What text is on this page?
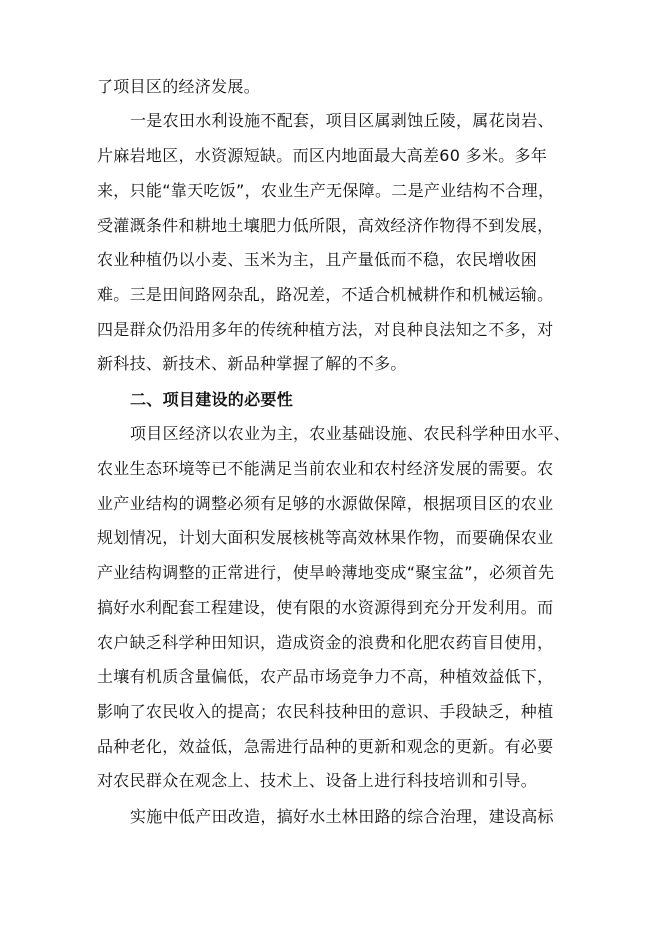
了项目区的经济发展。

一是农田水利设施不配套，项目区属剥蚀丘陵，属花岗岩、

片麻岩地区，水资源短缺。而区内地面最大高差60 多米。多年

来，只能“靠天吃饭”，农业生产无保障。二是产业结构不合理，

受灌溉条件和耕地土壤肥力低所限，高效经济作物得不到发展，

农业种植仍以小麦、玉米为主，且产量低而不稳，农民增收困

难。三是田间路网杂乱，路况差，不适合机械耕作和机械运输。

四是群众仍沿用多年的传统种植方法，对良种良法知之不多，对

新科技、新技术、新品种掌握了解的不多。

二、项目建设的必要性

项目区经济以农业为主，农业基础设施、农民科学种田水平、

农业生态环境等已不能满足当前农业和农村经济发展的需要。农

业产业结构的调整必须有足够的水源做保障，根据项目区的农业

规划情况，计划大面积发展核桃等高效林果作物，而要确保农业

产业结构调整的正常进行，使旱岭薄地变成“聚宝盆”，必须首先

搞好水利配套工程建设，使有限的水资源得到充分开发利用。而

农户缺乏科学种田知识，造成资金的浪费和化肥农药盲目使用，

土壤有机质含量偏低，农产品市场竞争力不高，种植效益低下，

影响了农民收入的提高；农民科技种田的意识、手段缺乏，种植

品种老化，效益低，急需进行品种的更新和观念的更新。有必要

对农民群众在观念上、技术上、设备上进行科技培训和引导。

实施中低产田改造，搞好水土林田路的综合治理，建设高标
